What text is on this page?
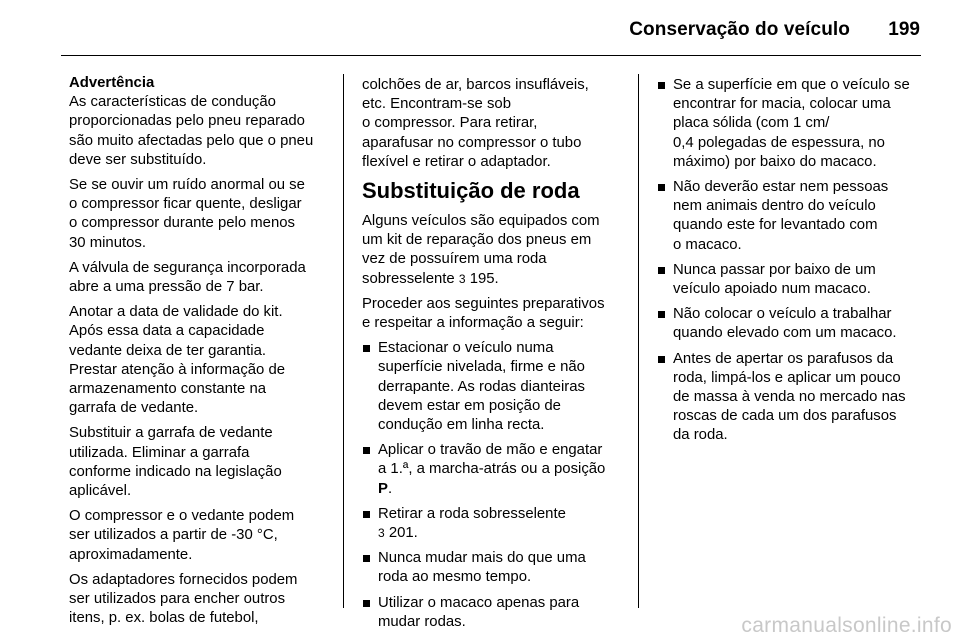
Conservação do veículo 199

Advertência
As características de condução
proporcionadas pelo pneu reparado
são muito afectadas pelo que o pneu
deve ser substituído.

Se se ouvir um ruído anormal ou se
o compressor ficar quente, desligar
o compressor durante pelo menos
30 minutos.

A válvula de segurança incorporada
abre a uma pressão de 7 bar.

Anotar a data de validade do kit.
Após essa data a capacidade
vedante deixa de ter garantia.
Prestar atenção à informação de
armazenamento constante na
garrafa de vedante.

Substituir a garrafa de vedante
utilizada. Eliminar a garrafa
conforme indicado na legislação
aplicável.

O compressor e o vedante podem
ser utilizados a partir de -30 °C,
aproximadamente.

Os adaptadores fornecidos podem
ser utilizados para encher outros
itens, p. ex. bolas de futebol,

colchões de ar, barcos insufláveis,
etc. Encontram-se sob
o compressor. Para retirar,
aparafusar no compressor o tubo
flexível e retirar o adaptador.

Substituição de roda

Alguns veículos são equipados com
um kit de reparação dos pneus em
vez de possuírem uma roda
sobresselente 3 195.

Proceder aos seguintes preparativos
e respeitar a informação a seguir:

Estacionar o veículo numa
superfície nivelada, firme e não
derrapante. As rodas dianteiras
devem estar em posição de
condução em linha recta.
Aplicar o travão de mão e engatar
a 1.ª, a marcha-atrás ou a posição
P.
Retirar a roda sobresselente
3 201.
Nunca mudar mais do que uma
roda ao mesmo tempo.
Utilizar o macaco apenas para
mudar rodas.
Se a superfície em que o veículo se
encontrar for macia, colocar uma
placa sólida (com 1 cm/
0,4 polegadas de espessura, no
máximo) por baixo do macaco.
Não deverão estar nem pessoas
nem animais dentro do veículo
quando este for levantado com
o macaco.
Nunca passar por baixo de um
veículo apoiado num macaco.
Não colocar o veículo a trabalhar
quando elevado com um macaco.
Antes de apertar os parafusos da
roda, limpá-los e aplicar um pouco
de massa à venda no mercado nas
roscas de cada um dos parafusos
da roda.
carmanualsonline.info
